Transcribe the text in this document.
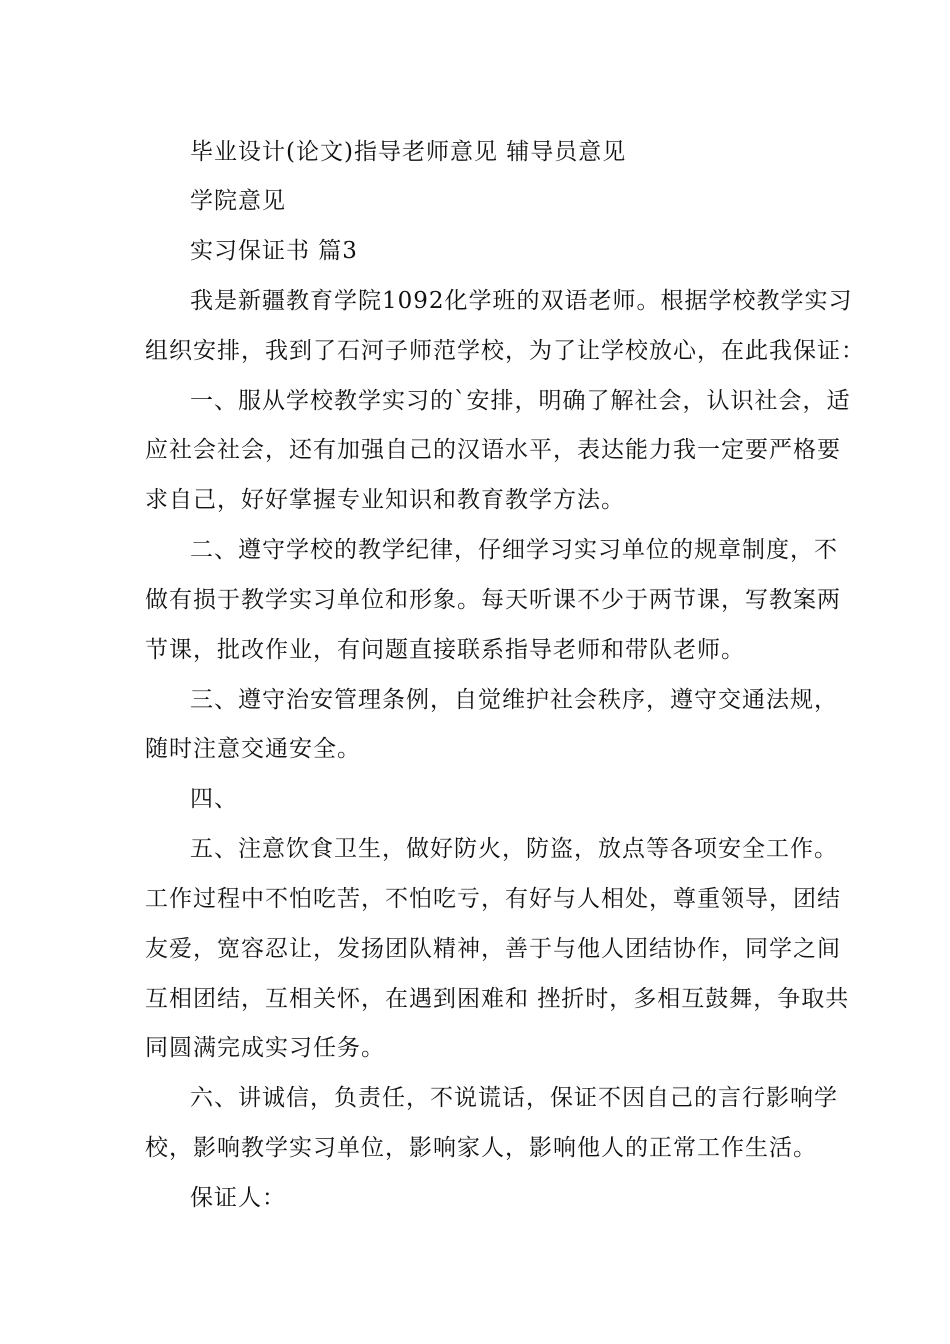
毕业设计(论文)指导老师意见 辅导员意见
学院意见
实习保证书 篇3
我是新疆教育学院1092化学班的双语老师。根据学校教学实习
组织安排，我到了石河子师范学校，为了让学校放心，在此我保证：
一、服从学校教学实习的`安排，明确了解社会，认识社会，适
应社会社会，还有加强自己的汉语水平，表达能力我一定要严格要
求自己，好好掌握专业知识和教育教学方法。
二、遵守学校的教学纪律，仔细学习实习单位的规章制度，不
做有损于教学实习单位和形象。每天听课不少于两节课，写教案两
节课，批改作业，有问题直接联系指导老师和带队老师。
三、遵守治安管理条例，自觉维护社会秩序，遵守交通法规，
随时注意交通安全。
四、
五、注意饮食卫生，做好防火，防盗，放点等各项安全工作。
工作过程中不怕吃苦，不怕吃亏，有好与人相处，尊重领导，团结
友爱，宽容忍让，发扬团队精神，善于与他人团结协作，同学之间
互相团结，互相关怀，在遇到困难和 挫折时，多相互鼓舞，争取共
同圆满完成实习任务。
六、讲诚信，负责任，不说谎话，保证不因自己的言行影响学
校，影响教学实习单位，影响家人，影响他人的正常工作生活。
保证人：
